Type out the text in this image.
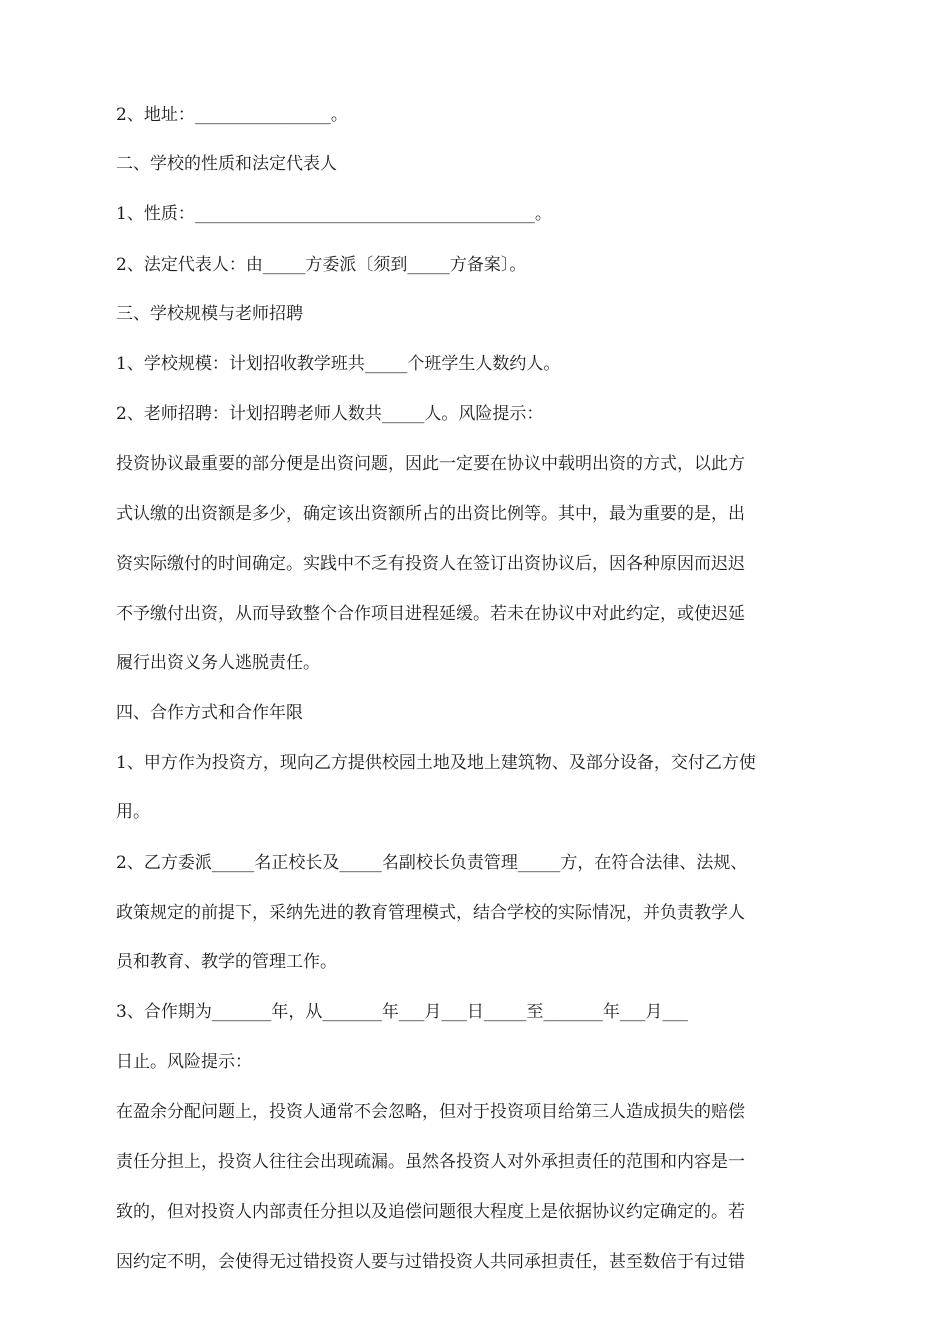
2、地址：________________。

二、学校的性质和法定代表人

1、性质：________________________________________。

2、法定代表人：由_____方委派〔须到_____方备案〕。

三、学校规模与老师招聘

1、学校规模：计划招收教学班共_____个班学生人数约人。

2、老师招聘：计划招聘老师人数共_____人。风险提示：

投资协议最重要的部分便是出资问题，因此一定要在协议中载明出资的方式，以此方

式认缴的出资额是多少，确定该出资额所占的出资比例等。其中，最为重要的是，出

资实际缴付的时间确定。实践中不乏有投资人在签订出资协议后，因各种原因而迟迟

不予缴付出资，从而导致整个合作项目进程延缓。若未在协议中对此约定，或使迟延

履行出资义务人逃脱责任。

四、合作方式和合作年限

1、甲方作为投资方，现向乙方提供校园土地及地上建筑物、及部分设备，交付乙方使

用。

2、乙方委派_____名正校长及_____名副校长负责管理_____方，在符合法律、法规、

政策规定的前提下，采纳先进的教育管理模式，结合学校的实际情况，并负责教学人

员和教育、教学的管理工作。

3、合作期为_______年，从_______年___月___日_____至_______年___月___

日止。风险提示：

在盈余分配问题上，投资人通常不会忽略，但对于投资项目给第三人造成损失的赔偿

责任分担上，投资人往往会出现疏漏。虽然各投资人对外承担责任的范围和内容是一

致的，但对投资人内部责任分担以及追偿问题很大程度上是依据协议约定确定的。若

因约定不明，会使得无过错投资人要与过错投资人共同承担责任，甚至数倍于有过错
